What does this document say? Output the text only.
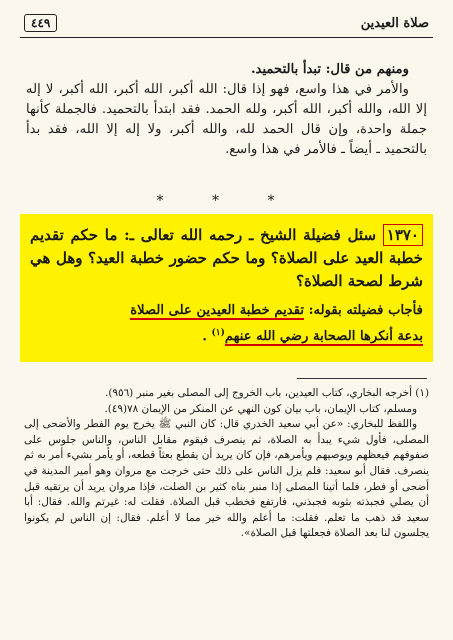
صلاة العيدين
٤٤٩

ومنهم من قال: تبدأ بالتحميد.

والأمر في هذا واسع، فهو إذا قال: الله أكبر، الله أكبر، الله أكبر، لا إله إلا الله، والله أكبر، الله أكبر، ولله الحمد. فقد ابتدأ بالتحميد. فالجملة كأنها جملة واحدة، وإن قال الحمد لله، والله أكبر، ولا إله إلا الله، فقد بدأ بالتحميد ـ أيضاً ـ فالأمر في هذا واسع.

* * *
١٣٧٠ سئل فضيلة الشيخ ـ رحمه الله تعالى ـ: ما حكم تقديم خطبة العيد على الصلاة؟ وما حكم حضور خطبة العيد؟ وهل هي شرط لصحة الصلاة؟
فأجاب فضيلته بقوله: تقديم خطبة العيدين على الصلاة
بدعة أنكرها الصحابة رضي الله عنهم$^{(١)}$ .

(١) أخرجه البخاري، كتاب العيدين، باب الخروج إلى المصلى بغير منبر (٩٥٦).

ومسلم، كتاب الإيمان، باب بيان كون النهي عن المنكر من الإيمان ٧٨(٤٩).

واللفظ للبخاري: «عن أبي سعيد الخدري قال: كان النبي ﷺ يخرج يوم الفطر والأضحى إلى المصلى، فأول شيء يبدأ به الصلاة، ثم ينصرف فيقوم مقابل الناس، والناس جلوس على صفوفهم فيعظهم ويوصيهم ويأمرهم، فإن كان يريد أن يقطع بعثاً قطعه، أو يأمر بشيء أمر به ثم ينصرف. فقال أبو سعيد: فلم يزل الناس على ذلك حتى خرجت مع مروان وهو أمير المدينة في أضحى أو فطر، فلما أتينا المصلى إذا منبر بناه كثير بن الصلت، فإذا مروان يريد أن يرتقيه قبل أن يصلي فجبذته بثوبه فجبذني، فارتفع فخطب قبل الصلاة. فقلت له: غيرتم والله. فقال: أبا سعيد قد ذهب ما تعلم. فقلت: ما أعلم والله خير مما لا أعلم. فقال: إن الناس لم يكونوا يجلسون لنا بعد الصلاة فجعلتها قبل الصلاة».
